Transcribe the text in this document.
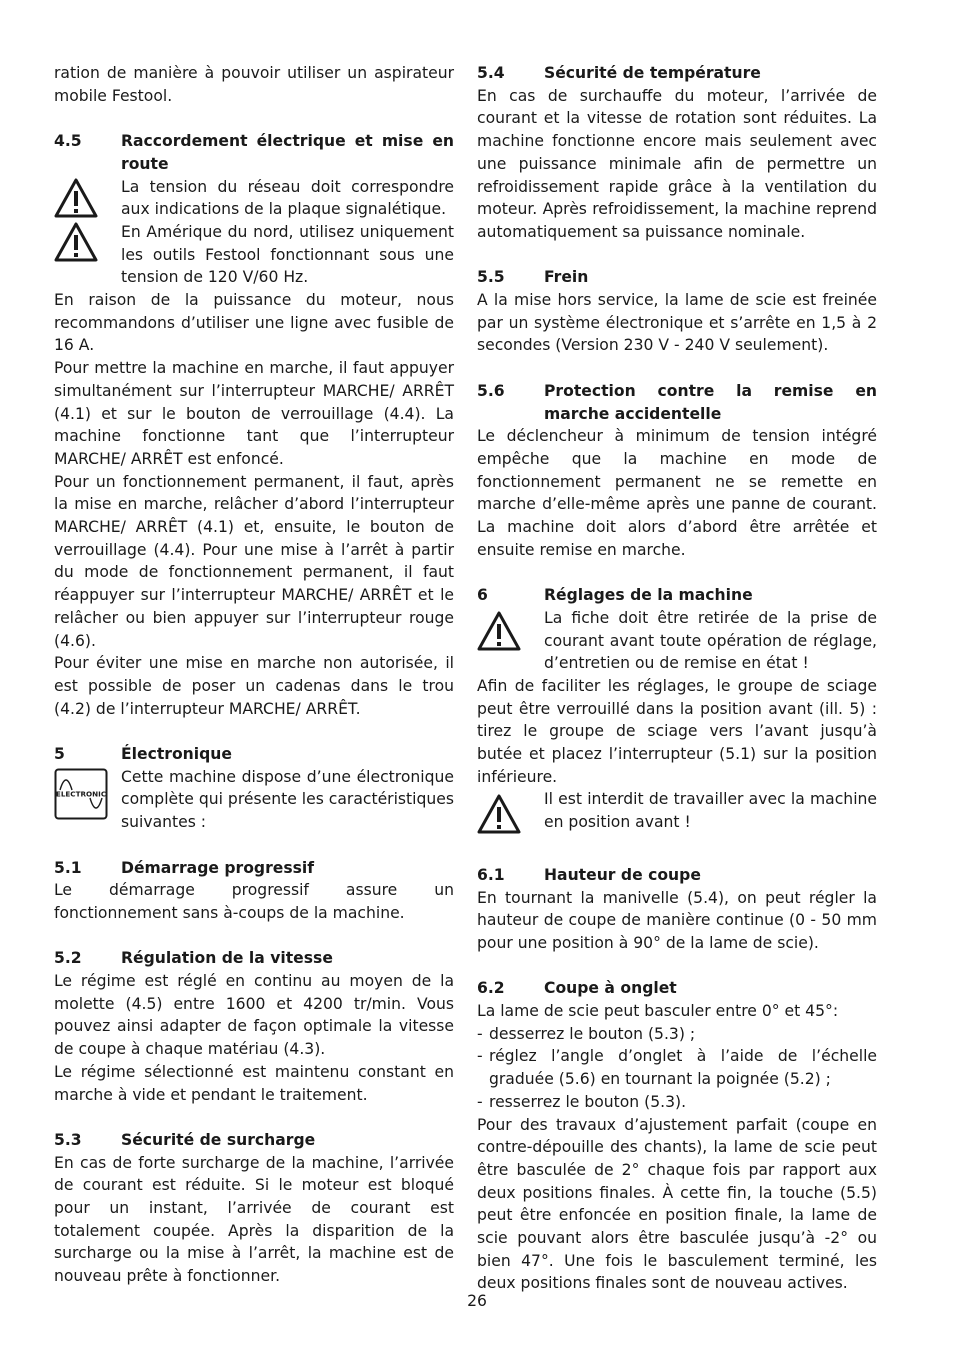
ration de manière à pouvoir utiliser un aspirateur mobile Festool.

4.5	Raccordement électrique et mise en route

La tension du réseau doit correspondre aux indications de la plaque signalétique.

En Amérique du nord, utilisez uniquement les outils Festool fonctionnant sous une tension de 120 V/60 Hz.

En raison de la puissance du moteur, nous recommandons d’utiliser une ligne avec fusible de 16 A.

Pour mettre la machine en marche, il faut appuyer simultanément sur l’interrupteur MARCHE/ ARRÊT (4.1) et sur le bouton de verrouillage (4.4). La machine fonctionne tant que l’interrupteur MARCHE/ ARRÊT est enfoncé.

Pour un fonctionnement permanent, il faut, après la mise en marche, relâcher d’abord l’interrupteur MARCHE/ ARRÊT (4.1) et, ensuite, le bouton de verrouillage (4.4). Pour une mise à l’arrêt à partir du mode de fonctionnement permanent, il faut réappuyer sur l’interrupteur MARCHE/ ARRÊT et le relâcher ou bien appuyer sur l’interrupteur rouge (4.6).

Pour éviter une mise en marche non autorisée, il est possible de poser un cadenas dans le trou (4.2) de l’interrupteur MARCHE/ ARRÊT.

5	Électronique
ELECTRONIC

Cette machine dispose d’une électronique complète qui présente les caractéristiques suivantes :

5.1	Démarrage progressif

Le démarrage progressif assure un fonctionnement sans à-coups de la machine.

5.2	Régulation de la vitesse

Le régime est réglé en continu au moyen de la molette (4.5) entre 1600 et 4200 tr/min. Vous pouvez ainsi adapter de façon optimale la vitesse de coupe à chaque matériau (4.3).

Le régime sélectionné est maintenu constant en marche à vide et pendant le traitement.

5.3	Sécurité de surcharge

En cas de forte surcharge de la machine, l’arrivée de courant est réduite. Si le moteur est bloqué pour un instant, l’arrivée de courant est totalement coupée. Après la disparition de la surcharge ou la mise à l’arrêt, la machine est de nouveau prête à fonctionner.

5.4	Sécurité de température

En cas de surchauffe du moteur, l’arrivée de courant et la vitesse de rotation sont réduites. La machine fonctionne encore mais seulement avec une puissance minimale afin de permettre un refroidissement rapide grâce à la ventilation du moteur. Après refroidissement, la machine reprend automatiquement sa puissance nominale.

5.5	Frein

A la mise hors service, la lame de scie est freinée par un système électronique et s’arrête en 1,5 à 2 secondes (Version 230 V - 240 V seulement).

5.6	Protection contre la remise en marche accidentelle

Le déclencheur à minimum de tension intégré empêche que la machine en mode de fonctionnement permanent ne se remette en marche d’elle-même après une panne de courant. La machine doit alors d’abord être arrêtée et ensuite remise en marche.

6	Réglages de la machine

La fiche doit être retirée de la prise de courant avant toute opération de réglage, d’entretien ou de remise en état !

Afin de faciliter les réglages, le groupe de sciage peut être verrouillé dans la position avant (ill. 5) : tirez le groupe de sciage vers l’avant jusqu’à butée et placez l’interrupteur (5.1) sur la position inférieure.

Il est interdit de travailler avec la machine en position avant !

6.1	Hauteur de coupe

En tournant la manivelle (5.4), on peut régler la hauteur de coupe de manière continue (0 - 50 mm pour une position à 90° de la lame de scie).

6.2	Coupe à onglet

La lame de scie peut basculer entre 0° et 45°:

- desserrez le bouton (5.3) ;
- réglez l’angle d’onglet à l’aide de l’échelle graduée (5.6) en tournant la poignée (5.2) ;
- resserrez le bouton (5.3).

Pour des travaux d’ajustement parfait (coupe en contre-dépouille des chants), la lame de scie peut être basculée de 2° chaque fois par rapport aux deux positions finales. À cette fin, la touche (5.5) peut être enfoncée en position finale, la lame de scie pouvant alors être basculée jusqu’à -2° ou bien 47°. Une fois le basculement terminé, les deux positions finales sont de nouveau actives.

26
